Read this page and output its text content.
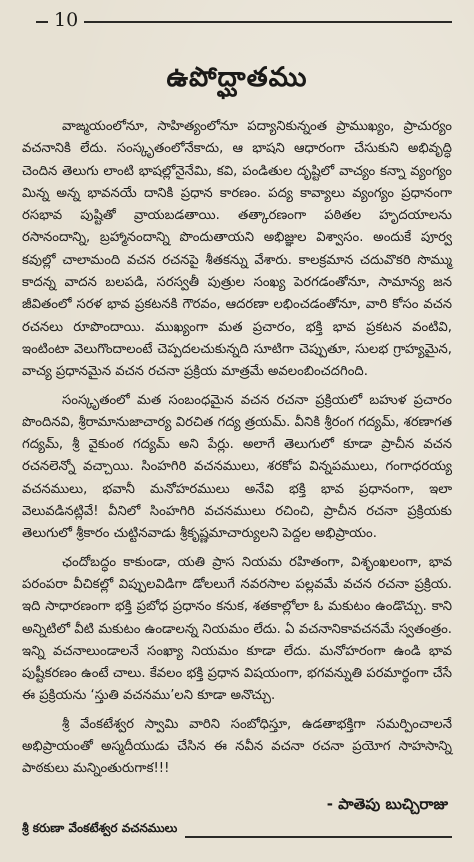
10
ఉపోద్ఘాతము

వాఙ్మయంలోనూ, సాహిత్యంలోనూ పద్యానికున్నంత ప్రాముఖ్యం, ప్రాచుర్యం వచనానికి లేదు. సంస్కృతంలోనేకాదు, ఆ భాషని ఆధారంగా చేసుకుని అభివృద్ధి చెందిన తెలుగు లాంటి భాషల్లోనైనేమి, కవి, పండితుల దృష్టిలో వాచ్యం కన్నా వ్యంగ్యం మిన్న అన్న భావనయే దానికి ప్రధాన కారణం. పద్య కావ్యాలు వ్యంగ్యం ప్రధానంగా రసభావ పుష్టితో వ్రాయబడతాయి. తత్కారణంగా పఠితల హృదయాలను రసానందాన్ని, బ్రహ్మానందాన్ని పొందుతాయని అభిజ్ఞుల విశ్వాసం. అందుకే పూర్వ కవుల్లో చాలామంది వచన రచనపై శీతకన్ను వేశారు. కాలక్రమాన చదువొకరి సొమ్ము కాదన్న వాదన బలపడి, సరస్వతీ పుత్రుల సంఖ్య పెరగడంతోనూ, సామాన్య జన జీవితంలో సరళ భావ ప్రకటనకి గౌరవం, ఆదరణా లభించడంతోనూ, వారి కోసం వచన రచనలు రూపొందాయి. ముఖ్యంగా మత ప్రచారం, భక్తి భావ ప్రకటన వంటివి, ఇంటింటా వెలుగొందాలంటే చెప్పదలచుకున్నది సూటిగా చెప్పుతూ, సులభ గ్రాహ్యమైన, వాచ్య ప్రధానమైన వచన రచనా ప్రక్రియ మాత్రమే అవలంబించదగింది.

సంస్కృతంలో మత సంబంధమైన వచన రచనా ప్రక్రియలో బహుళ ప్రచారం పొందినవి, శ్రీరామానుజాచార్య విరచిత గద్య త్రయమ్. వీనికి శ్రీరంగ గద్యమ్, శరణాగత గద్యమ్, శ్రీ వైకుంఠ గద్యమ్ అని పేర్లు. అలాగే తెలుగులో కూడా ప్రాచీన వచన రచనలెన్నో వచ్చాయి. సింహగిరి వచనములు, శరకోప విన్నపములు, గంగాధరయ్య వచనములు, భవానీ మనోహరములు అనేవి భక్తి భావ ప్రధానంగా, ఇలా వెలువడినట్లివే! వీనిలో సింహగిరి వచనములు రచించి, ప్రాచీన రచనా ప్రక్రియకు తెలుగులో శ్రీకారం చుట్టినవాడు శ్రీకృష్ణమాచార్యులని పెద్దల అభిప్రాయం.

ఛందోబద్ధం కాకుండా, యతి ప్రాస నియమ రహితంగా, విశృంఖలంగా, భావ పరంపరా వీచికల్లో విప్పులవిడిగా డోలలుగే నవరసాల పల్లవమే వచన రచనా ప్రక్రియ. ఇది సాధారణంగా భక్తి ప్రబోధ ప్రధానం కనుక, శతకాల్లోలా ఓ మకుటం ఉండొచ్చు. కాని అన్నిటిలో వీటి మకుటం ఉండాలన్న నియమం లేదు. ఏ వచనానికావచనమే స్వతంత్రం. ఇన్ని వచనాలుండాలనే సంఖ్యా నియమం కూడా లేదు. మనోహరంగా ఉండి భావ పుష్టీకరణం ఉంటే చాలు. కేవలం భక్తి ప్రధాన విషయంగా, భగవన్నుతి పరమార్థంగా చేసే ఈ ప్రక్రియను ‘స్తుతి వచనము’లని కూడా అనొచ్చు.

శ్రీ వేంకటేశ్వర స్వామి వారిని సంబోధిస్తూ, ఉడతాభక్తిగా సమర్పించాలనే అభిప్రాయంతో అస్మదీయుడు చేసిన ఈ నవీన వచనా రచనా ప్రయోగ సాహసాన్ని పాఠకులు మన్నింతురుగాక!!!

- పాతెపు బుచ్చిరాజు
శ్రీ కరుణా వేంకటేశ్వర వచనములు
